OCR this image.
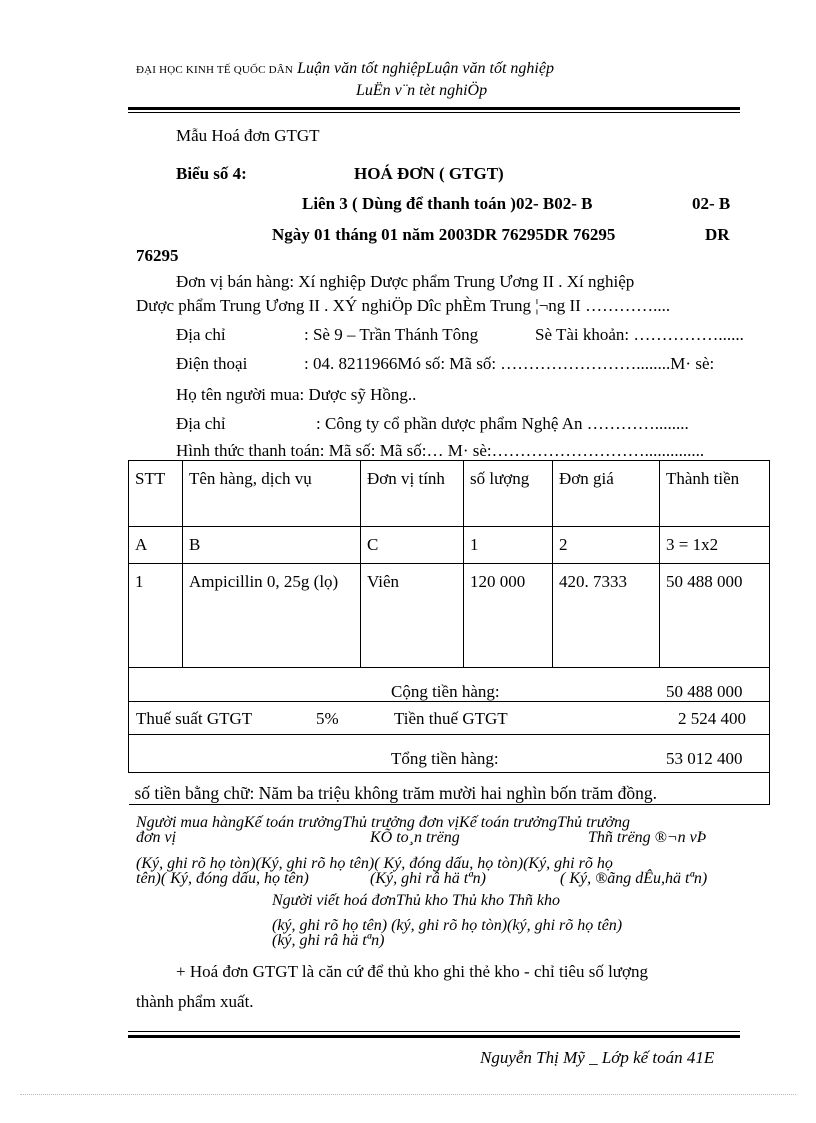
ĐẠI HỌC KINH TẾ QUỐC DÂN Luận văn tốt nghiệpLuận văn tốt nghiệp
LuËn v¨n tèt nghiÖp
Mẫu Hoá đơn GTGT
Biểu số 4:	HOÁ ĐƠN ( GTGT)
Liên 3 ( Dùng để thanh toán )02- B02- B	02- B
Ngày 01 tháng 01 năm 2003DR 76295DR 76295	DR
76295
Đơn vị bán hàng: Xí nghiệp Dược phẩm Trung Ương II . Xí nghiệp
Dược phẩm Trung Ương II . XÝ nghiÖp Dîc phÈm Trung ¦¬ng II …………....
Địa chỉ	: Sè 9 – Trần Thánh Tông	Sè Tài khoản: ……………......
Điện thoại	: 04. 8211966Mó số: Mã số: ……………………........M· sè:
Họ tên người mua: Dược sỹ Hồng..
Địa chỉ	: Công ty cổ phần dược phẩm Nghệ An …………........
Hình thức thanh toán: Mã số: Mã số:… M· sè:………………………..............
STT	Tên hàng, dịch vụ	Đơn vị tính	số lượng	Đơn giá	Thành tiền
A	B	C	1	2	3 = 1x2
1	Ampicillin 0, 25g (lọ)	Viên	120 000	420. 7333	50 488 000

Cộng tiền hàng: 50 488 000					

Thuế suất GTGT 5% Tiền thuế GTGT 2 524 400					

Tổng tiền hàng: 53 012 400					

số tiền bằng chữ: Năm ba triệu không trăm mười hai nghìn bốn trăm đồng.					
Người mua hàngKế toán trưởngThủ trưởng đơn vịKế toán trưởngThủ trưởng
đơn vị	KÕ to¸n trëng	Thñ trëng ®¬n vÞ
(Ký, ghi rõ họ tòn)(Ký, ghi rõ họ tên)( Ký, đóng dấu, họ tòn)(Ký, ghi rõ họ
tên)( Ký, đóng dấu, họ tên)	(Ký, ghi râ hä tªn)	( Ký, ®ãng dÊu,hä tªn)
Người viết hoá đơnThủ kho Thủ kho Thñ kho
(ký, ghi rõ họ tên) (ký, ghi rõ họ tòn)(ký, ghi rõ họ tên)
(ký, ghi râ hä tªn)
+ Hoá đơn GTGT là căn cứ để thủ kho ghi thẻ kho - chỉ tiêu số lượng
thành phẩm xuất.
Nguyễn Thị Mỹ _ Lớp kế toán 41E
